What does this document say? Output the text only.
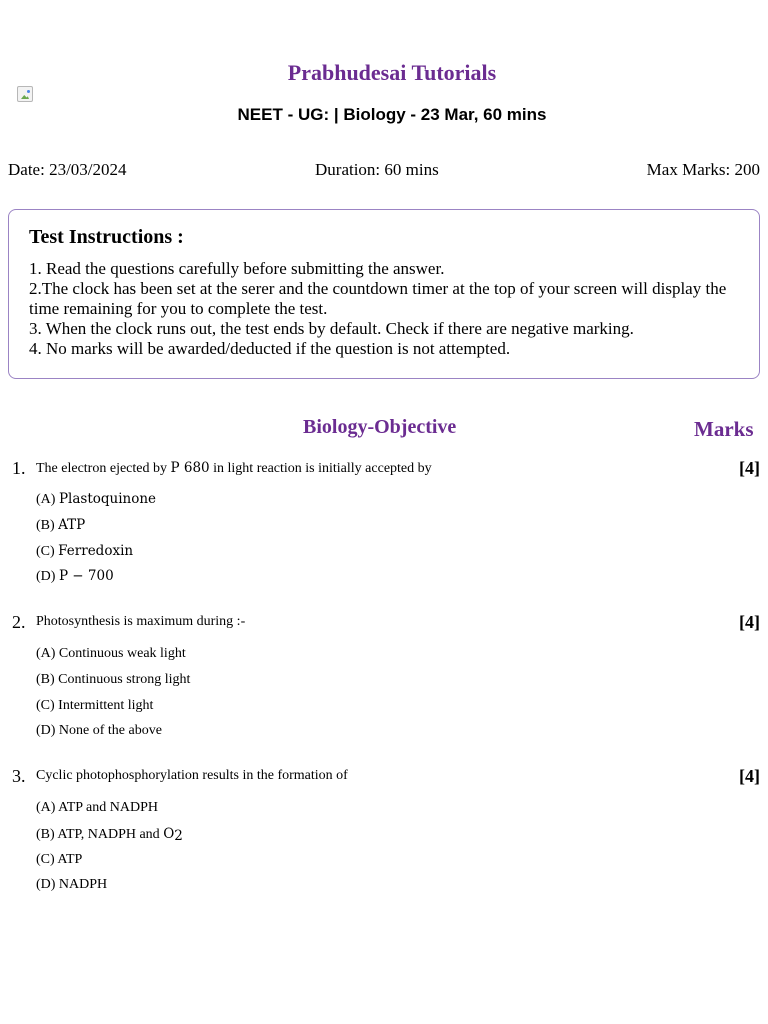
Prabhudesai Tutorials
NEET - UG: | Biology - 23 Mar, 60 mins
Date: 23/03/2024	Duration: 60 mins	Max Marks: 200
Test Instructions :
1. Read the questions carefully before submitting the answer.
2.The clock has been set at the serer and the countdown timer at the top of your screen will display the time remaining for you to complete the test.
3. When the clock runs out, the test ends by default. Check if there are negative marking.
4. No marks will be awarded/deducted if the question is not attempted.
Biology-Objective	Marks
1. The electron ejected by P 680 in light reaction is initially accepted by	[4]
(A) Plastoquinone
(B) ATP
(C) Ferredoxin
(D) P − 700
2. Photosynthesis is maximum during :-	[4]
(A) Continuous weak light
(B) Continuous strong light
(C) Intermittent light
(D) None of the above
3. Cyclic photophosphorylation results in the formation of	[4]
(A) ATP and NADPH
(B) ATP, NADPH and $O_2$
(C) ATP
(D) NADPH
